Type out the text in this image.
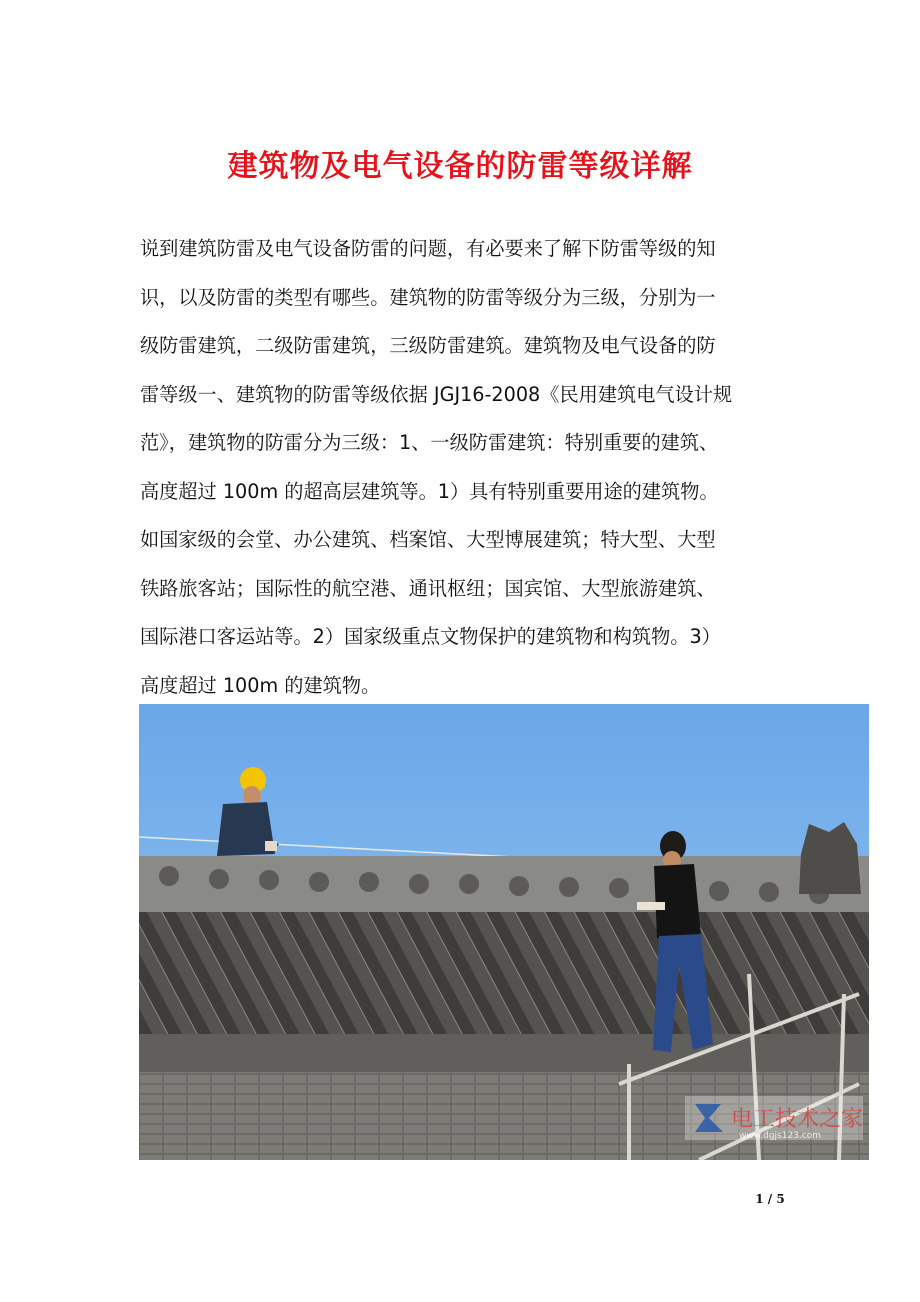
建筑物及电气设备的防雷等级详解
说到建筑防雷及电气设备防雷的问题，有必要来了解下防雷等级的知
识，以及防雷的类型有哪些。建筑物的防雷等级分为三级，分别为一
级防雷建筑，二级防雷建筑，三级防雷建筑。建筑物及电气设备的防
雷等级一、建筑物的防雷等级依据 JGJ16-2008《民用建筑电气设计规
范》，建筑物的防雷分为三级：1、一级防雷建筑：特别重要的建筑、
高度超过 100m 的超高层建筑等。1）具有特别重要用途的建筑物。
如国家级的会堂、办公建筑、档案馆、大型博展建筑；特大型、大型
铁路旅客站；国际性的航空港、通讯枢纽；国宾馆、大型旅游建筑、
国际港口客运站等。2）国家级重点文物保护的建筑物和构筑物。3）
高度超过 100m 的建筑物。
电工技术之家
www.dgjs123.com
1 / 5
